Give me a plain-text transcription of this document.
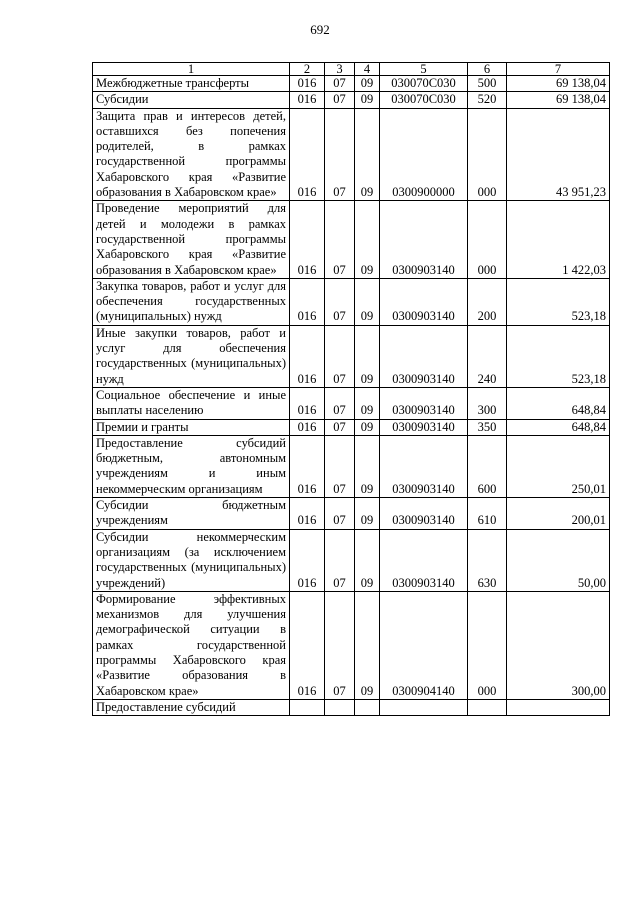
692
1	2	3	4	5	6	7
Межбюджетные трансферты	016	07	09	030070С030	500	69 138,04
Субсидии	016	07	09	030070С030	520	69 138,04
Защита прав и интересов детей, оставшихся без попечения родителей, в рамках государственной программы Хабаровского края «Развитие образования в Хабаровском крае»	016	07	09	0300900000	000	43 951,23
Проведение мероприятий для детей и молодежи в рамках государственной программы Хабаровского края «Развитие образования в Хабаровском крае»	016	07	09	0300903140	000	1 422,03
Закупка товаров, работ и услуг для обеспечения государственных (муниципальных) нужд	016	07	09	0300903140	200	523,18
Иные закупки товаров, работ и услуг для обеспечения государственных (муниципальных) нужд	016	07	09	0300903140	240	523,18
Социальное обеспечение и иные выплаты населению	016	07	09	0300903140	300	648,84
Премии и гранты	016	07	09	0300903140	350	648,84
Предоставление субсидий бюджетным, автономным учреждениям и иным некоммерческим организациям	016	07	09	0300903140	600	250,01
Субсидии бюджетным учреждениям	016	07	09	0300903140	610	200,01
Субсидии некоммерческим организациям (за исключением государственных (муниципальных) учреждений)	016	07	09	0300903140	630	50,00
Формирование эффективных механизмов для улучшения демографической ситуации в рамках государственной программы Хабаровского края «Развитие образования в Хабаровском крае»	016	07	09	0300904140	000	300,00
Предоставление субсидий						
